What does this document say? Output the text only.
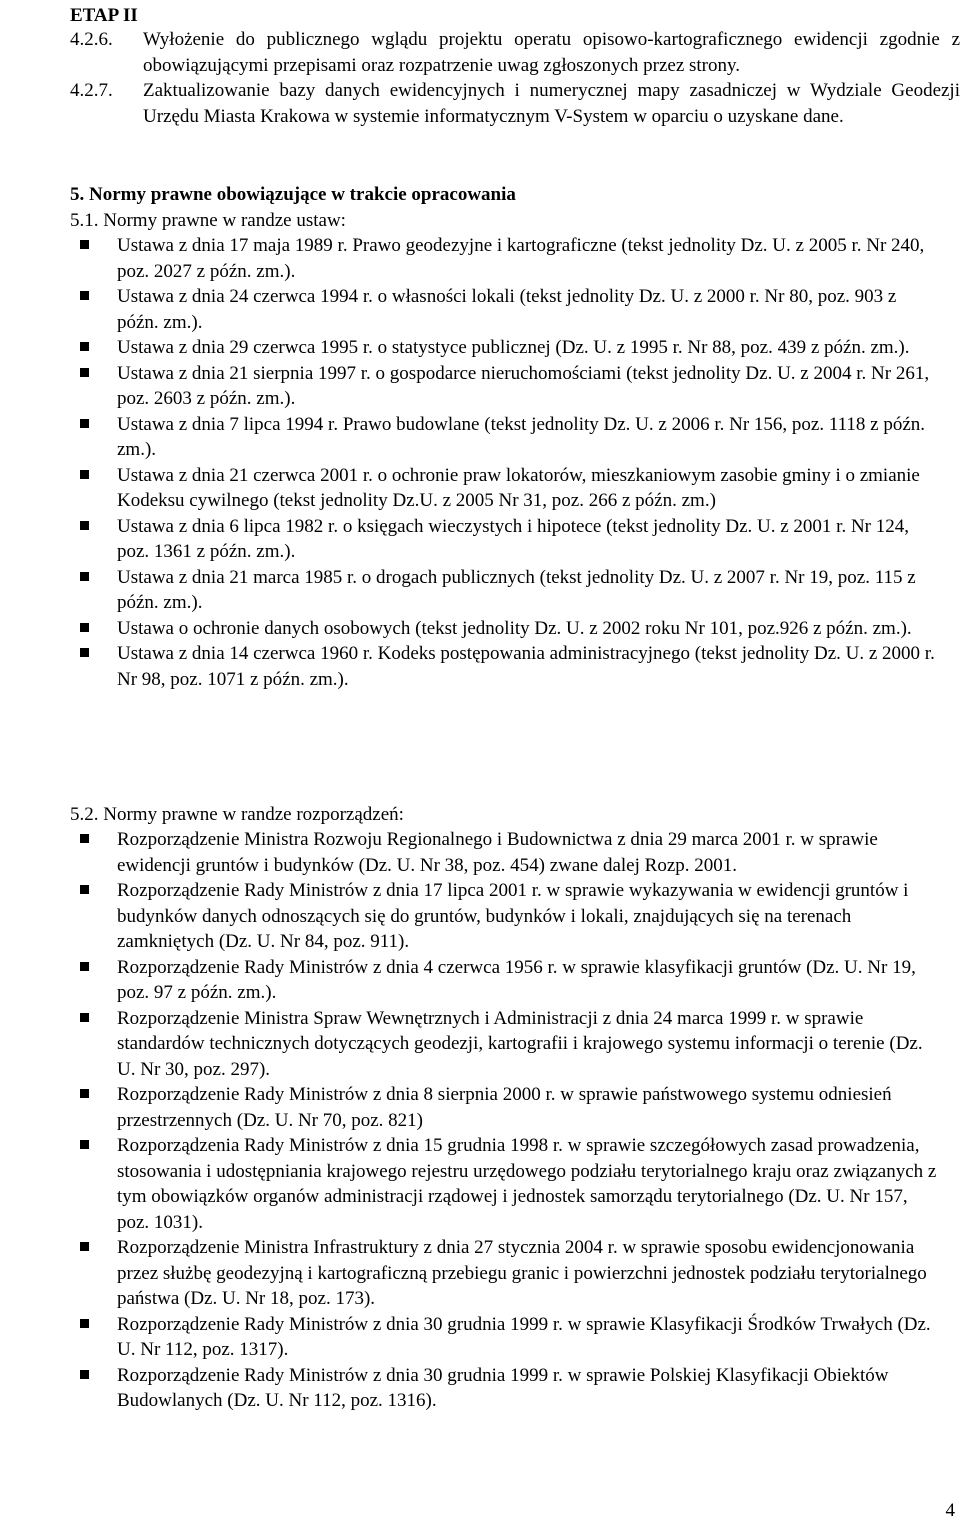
ETAP II
4.2.6. Wyłożenie do publicznego wglądu projektu operatu opisowo-kartograficznego ewidencji zgodnie z obowiązującymi przepisami oraz rozpatrzenie uwag zgłoszonych przez strony.
4.2.7. Zaktualizowanie bazy danych ewidencyjnych i numerycznej mapy zasadniczej w Wydziale Geodezji Urzędu Miasta Krakowa w systemie informatycznym V-System w oparciu o uzyskane dane.
5. Normy prawne obowiązujące w trakcie opracowania
5.1. Normy prawne w randze ustaw:
Ustawa z dnia 17 maja 1989 r. Prawo geodezyjne i kartograficzne (tekst jednolity Dz. U. z 2005 r. Nr 240, poz. 2027 z późn. zm.).
Ustawa z dnia 24 czerwca 1994 r. o własności lokali (tekst jednolity Dz. U. z 2000 r. Nr 80, poz. 903 z późn. zm.).
Ustawa z dnia 29 czerwca 1995 r. o statystyce publicznej (Dz. U. z 1995 r. Nr 88, poz. 439 z późn. zm.).
Ustawa z dnia 21 sierpnia 1997 r. o gospodarce nieruchomościami (tekst jednolity Dz. U. z 2004 r. Nr 261, poz. 2603 z późn. zm.).
Ustawa z dnia 7 lipca 1994 r. Prawo budowlane (tekst jednolity Dz. U. z 2006 r. Nr 156, poz. 1118 z późn. zm.).
Ustawa z dnia 21 czerwca 2001 r. o ochronie praw lokatorów, mieszkaniowym zasobie gminy i o zmianie Kodeksu cywilnego (tekst jednolity Dz.U. z 2005 Nr 31, poz. 266 z późn. zm.)
Ustawa z dnia 6 lipca 1982 r. o księgach wieczystych i hipotece (tekst jednolity Dz. U. z 2001 r. Nr 124, poz. 1361 z późn. zm.).
Ustawa z dnia 21 marca 1985 r. o drogach publicznych (tekst jednolity Dz. U. z 2007 r. Nr 19, poz. 115 z późn. zm.).
Ustawa o ochronie danych osobowych (tekst jednolity Dz. U. z 2002 roku Nr 101, poz.926 z późn. zm.).
Ustawa z dnia 14 czerwca 1960 r. Kodeks postępowania administracyjnego (tekst jednolity Dz. U. z 2000 r. Nr 98, poz. 1071 z późn. zm.).
5.2. Normy prawne w randze rozporządzeń:
Rozporządzenie Ministra Rozwoju Regionalnego i Budownictwa z dnia 29 marca 2001 r. w sprawie ewidencji gruntów i budynków (Dz. U. Nr 38, poz. 454) zwane dalej Rozp. 2001.
Rozporządzenie Rady Ministrów z dnia 17 lipca 2001 r. w sprawie wykazywania w ewidencji gruntów i budynków danych odnoszących się do gruntów, budynków i lokali, znajdujących się na terenach zamkniętych (Dz. U. Nr 84, poz. 911).
Rozporządzenie Rady Ministrów z dnia 4 czerwca 1956 r. w sprawie klasyfikacji gruntów (Dz. U. Nr 19, poz. 97 z późn. zm.).
Rozporządzenie Ministra Spraw Wewnętrznych i Administracji z dnia 24 marca 1999 r. w sprawie standardów technicznych dotyczących geodezji, kartografii i krajowego systemu informacji o terenie (Dz. U. Nr 30, poz. 297).
Rozporządzenie Rady Ministrów z dnia 8 sierpnia 2000 r. w sprawie państwowego systemu odniesień przestrzennych (Dz. U. Nr 70, poz. 821)
Rozporządzenia Rady Ministrów z dnia 15 grudnia 1998 r. w sprawie szczegółowych zasad prowadzenia, stosowania i udostępniania krajowego rejestru urzędowego podziału terytorialnego kraju oraz związanych z tym obowiązków organów administracji rządowej i jednostek samorządu terytorialnego (Dz. U. Nr 157, poz. 1031).
Rozporządzenie Ministra Infrastruktury z dnia 27 stycznia 2004 r. w sprawie sposobu ewidencjonowania przez służbę geodezyjną i kartograficzną przebiegu granic i powierzchni jednostek podziału terytorialnego państwa (Dz. U. Nr 18, poz. 173).
Rozporządzenie Rady Ministrów z dnia 30 grudnia 1999 r. w sprawie Klasyfikacji Środków Trwałych (Dz. U. Nr 112, poz. 1317).
Rozporządzenie Rady Ministrów z dnia 30 grudnia 1999 r. w sprawie Polskiej Klasyfikacji Obiektów Budowlanych (Dz. U. Nr 112, poz. 1316).
4
